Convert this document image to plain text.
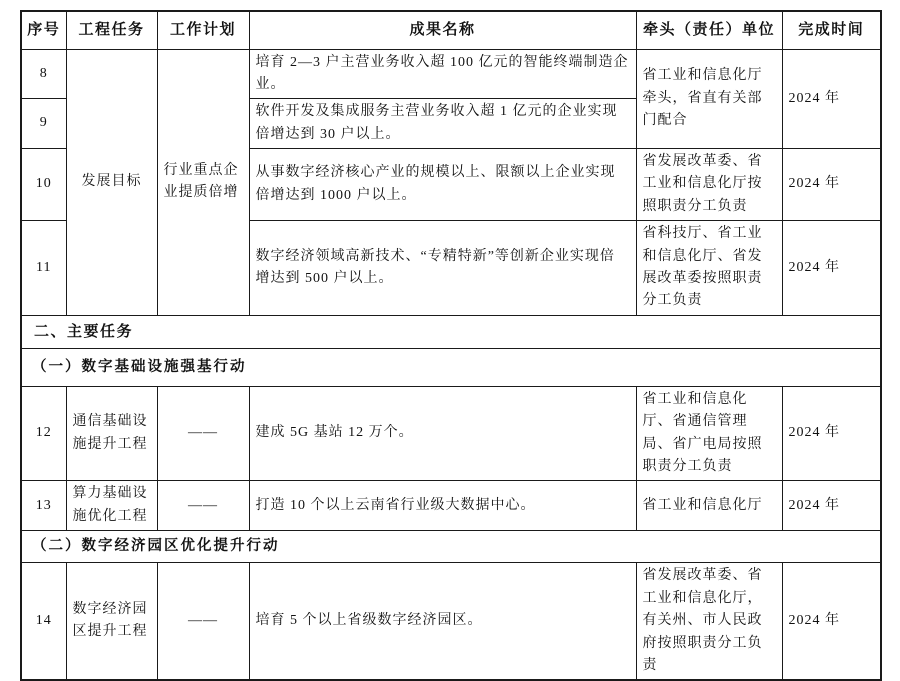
序号	工程任务	工作计划	成果名称	牵头（责任）单位	完成时间
8	发展目标	行业重点企业提质倍增	培育 2—3 户主营业务收入超 100 亿元的智能终端制造企业。	省工业和信息化厅牵头，省直有关部门配合	2024 年
9			软件开发及集成服务主营业务收入超 1 亿元的企业实现倍增达到 30 户以上。		
10			从事数字经济核心产业的规模以上、限额以上企业实现倍增达到 1000 户以上。	省发展改革委、省工业和信息化厅按照职责分工负责	2024 年
11			数字经济领域高新技术、“专精特新”等创新企业实现倍增达到 500 户以上。	省科技厅、省工业和信息化厅、省发展改革委按照职责分工负责	2024 年
二、主要任务					
（一）数字基础设施强基行动					
12	通信基础设施提升工程	——	建成 5G 基站 12 万个。	省工业和信息化厅、省通信管理局、省广电局按照职责分工负责	2024 年
13	算力基础设施优化工程	——	打造 10 个以上云南省行业级大数据中心。	省工业和信息化厅	2024 年
（二）数字经济园区优化提升行动					
14	数字经济园区提升工程	——	培育 5 个以上省级数字经济园区。	省发展改革委、省工业和信息化厅，有关州、市人民政府按照职责分工负责	2024 年
